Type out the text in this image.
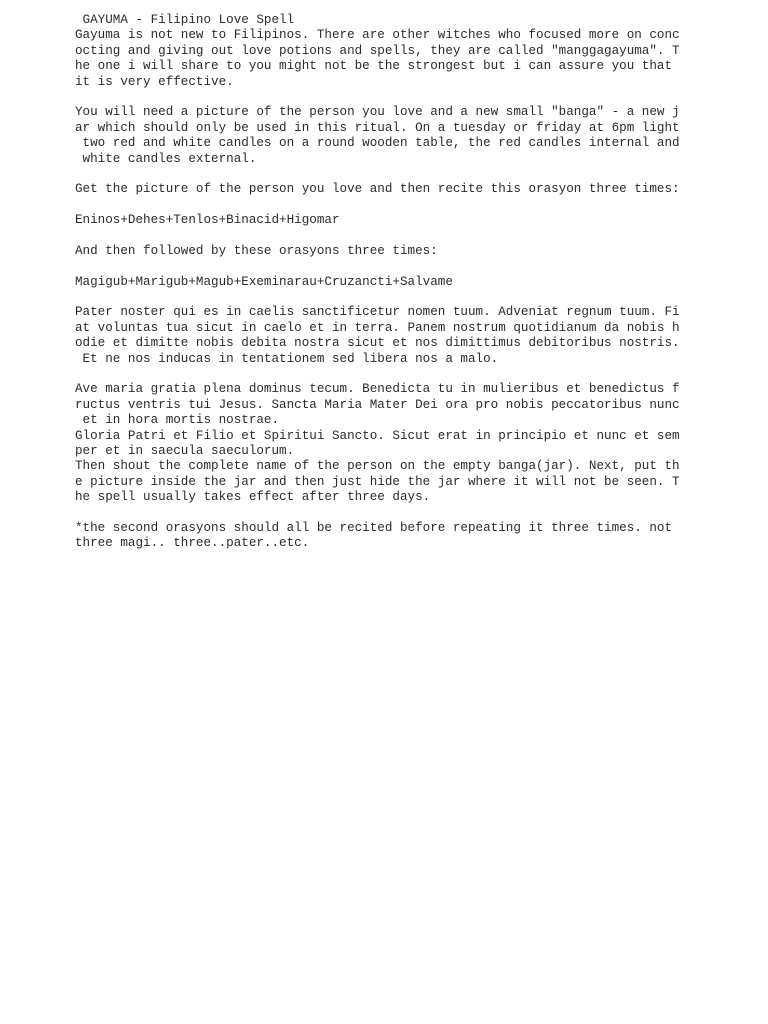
GAYUMA - Filipino Love Spell
Gayuma is not new to Filipinos. There are other witches who focused more on conc
octing and giving out love potions and spells, they are called "manggagayuma". T
he one i will share to you might not be the strongest but i can assure you that
it is very effective.
You will need a picture of the person you love and a new small "banga" - a new j
ar which should only be used in this ritual. On a tuesday or friday at 6pm light
two red and white candles on a round wooden table, the red candles internal and
white candles external.
Get the picture of the person you love and then recite this orasyon three times:
Eninos+Dehes+Tenlos+Binacid+Higomar
And then followed by these orasyons three times:
Magigub+Marigub+Magub+Exeminarau+Cruzancti+Salvame
Pater noster qui es in caelis sanctificetur nomen tuum. Adveniat regnum tuum. Fi
at voluntas tua sicut in caelo et in terra. Panem nostrum quotidianum da nobis h
odie et dimitte nobis debita nostra sicut et nos dimittimus debitoribus nostris.
Et ne nos inducas in tentationem sed libera nos a malo.
Ave maria gratia plena dominus tecum. Benedicta tu in mulieribus et benedictus f
ructus ventris tui Jesus. Sancta Maria Mater Dei ora pro nobis peccatoribus nunc
et in hora mortis nostrae.
Gloria Patri et Filio et Spiritui Sancto. Sicut erat in principio et nunc et sem
per et in saecula saeculorum.
Then shout the complete name of the person on the empty banga(jar). Next, put th
e picture inside the jar and then just hide the jar where it will not be seen. T
he spell usually takes effect after three days.
*the second orasyons should all be recited before repeating it three times. not
three magi.. three..pater..etc.
